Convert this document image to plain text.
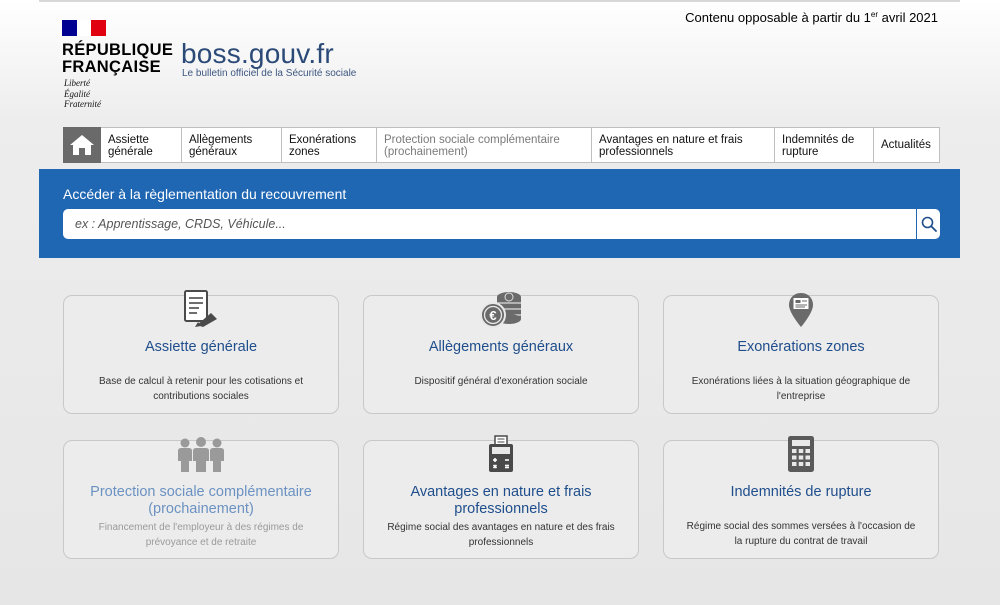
RÉPUBLIQUE
FRANÇAISE
Liberté
Égalité
Fraternité
boss.gouv.fr
Le bulletin officiel de la Sécurité sociale
Contenu opposable à partir du 1er avril 2021
Assiette
générale
Allègements
généraux
Exonérations
zones
Protection sociale complémentaire
(prochainement)
Avantages en nature et frais
professionnels
Indemnités de
rupture
Actualités
Accéder à la règlementation du recouvrement
ex : Apprentissage, CRDS, Véhicule...
Assiette générale
Base de calcul à retenir pour les cotisations et contributions sociales
€
Allègements généraux
Dispositif général d'exonération sociale
Exonérations zones
Exonérations liées à la situation géographique de l'entreprise
Protection sociale complémentaire (prochainement)
Financement de l'employeur à des régimes de prévoyance et de retraite
Avantages en nature et frais professionnels
Régime social des avantages en nature et des frais professionnels
Indemnités de rupture
Régime social des sommes versées à l'occasion de la rupture du contrat de travail
